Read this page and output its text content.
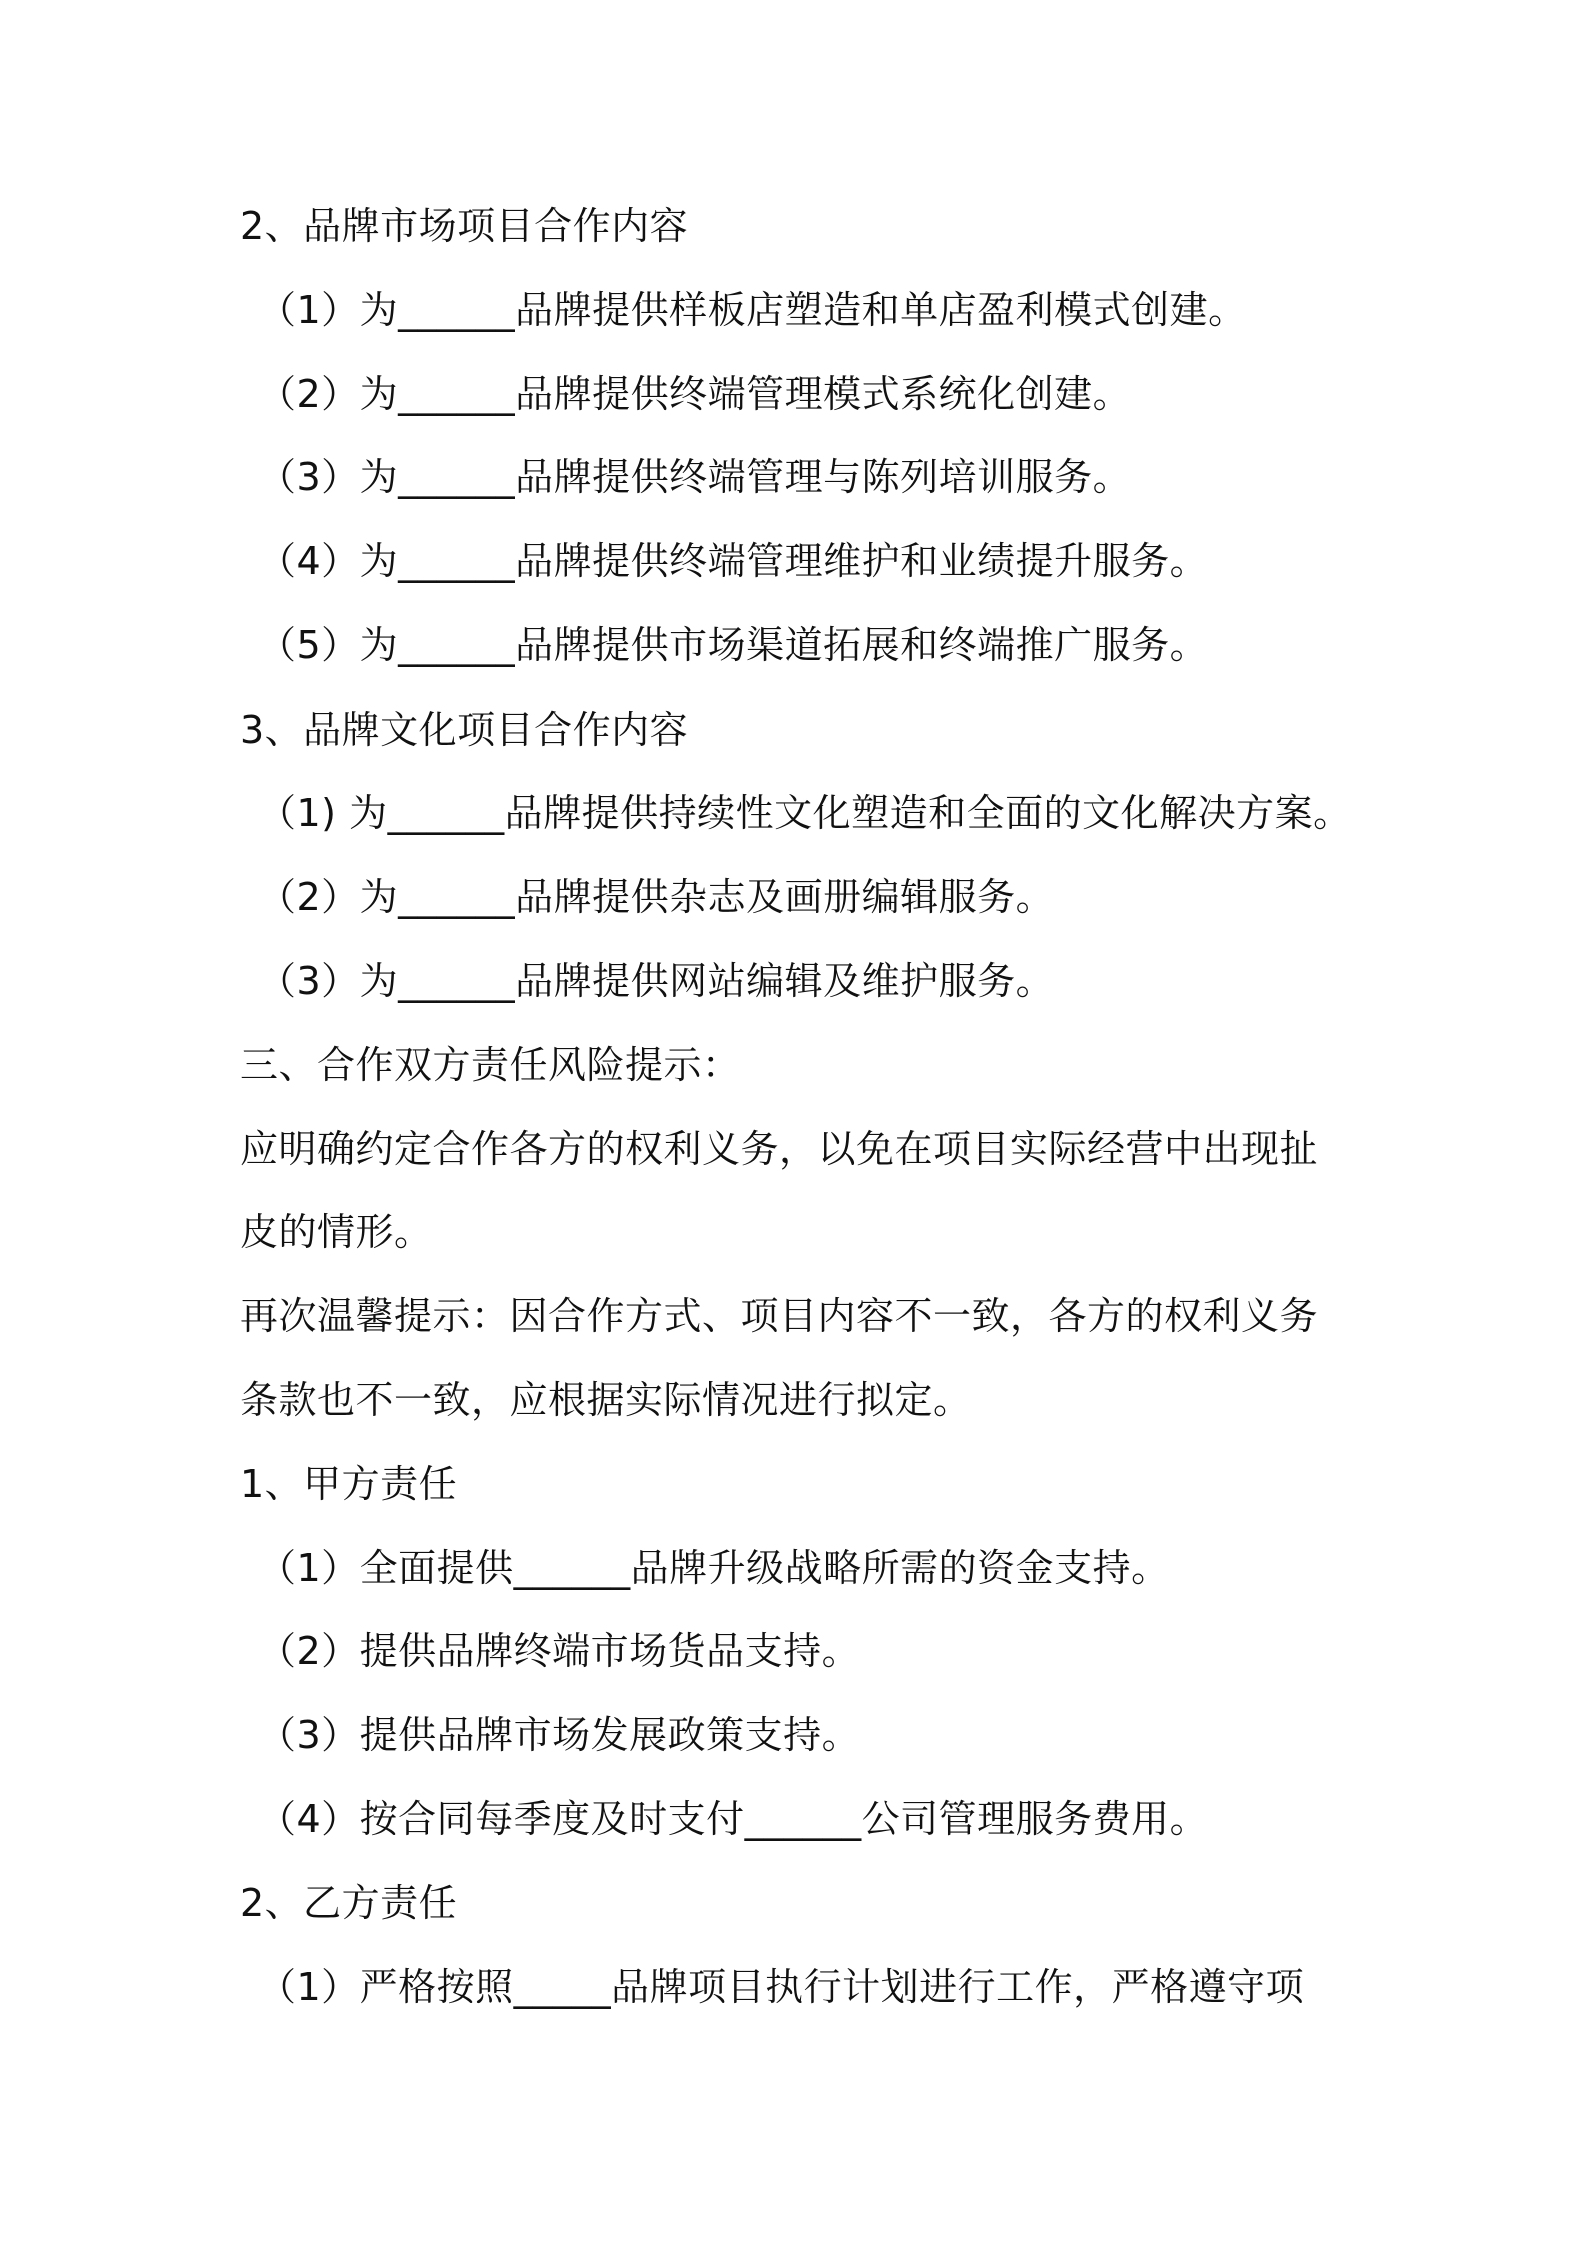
2、品牌市场项目合作内容

（1）为______品牌提供样板店塑造和单店盈利模式创建。

（2）为______品牌提供终端管理模式系统化创建。

（3）为______品牌提供终端管理与陈列培训服务。

（4）为______品牌提供终端管理维护和业绩提升服务。

（5）为______品牌提供市场渠道拓展和终端推广服务。

3、品牌文化项目合作内容

（1) 为______品牌提供持续性文化塑造和全面的文化解决方案。

（2）为______品牌提供杂志及画册编辑服务。

（3）为______品牌提供网站编辑及维护服务。

三、合作双方责任风险提示：

应明确约定合作各方的权利义务，以免在项目实际经营中出现扯

皮的情形。

再次温馨提示：因合作方式、项目内容不一致，各方的权利义务

条款也不一致，应根据实际情况进行拟定。

1、甲方责任

（1）全面提供______品牌升级战略所需的资金支持。

（2）提供品牌终端市场货品支持。

（3）提供品牌市场发展政策支持。

（4）按合同每季度及时支付______公司管理服务费用。

2、乙方责任

（1）严格按照_____品牌项目执行计划进行工作，严格遵守项
